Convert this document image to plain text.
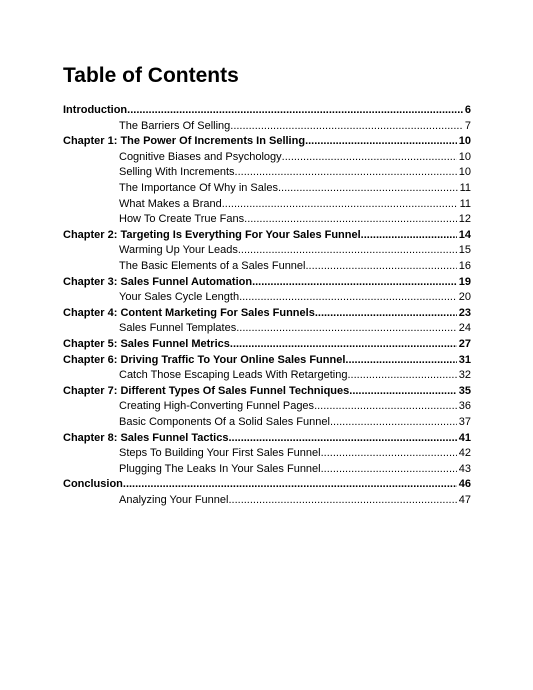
Table of Contents
Introduction .....	6
The Barriers Of Selling .....	7
Chapter 1: The Power Of Increments In Selling .....	10
Cognitive Biases and Psychology .....	10
Selling With Increments .....	10
The Importance Of Why in Sales .....	11
What Makes a Brand .....	11
How To Create True Fans .....	12
Chapter 2: Targeting Is Everything For Your Sales Funnel .....	14
Warming Up Your Leads .....	15
The Basic Elements of a Sales Funnel .....	16
Chapter 3: Sales Funnel Automation .....	19
Your Sales Cycle Length .....	20
Chapter 4: Content Marketing For Sales Funnels .....	23
Sales Funnel Templates .....	24
Chapter 5: Sales Funnel Metrics .....	27
Chapter 6: Driving Traffic To Your Online Sales Funnel .....	31
Catch Those Escaping Leads With Retargeting .....	32
Chapter 7: Different Types Of Sales Funnel Techniques .....	35
Creating High-Converting Funnel Pages .....	36
Basic Components Of a Solid Sales Funnel .....	37
Chapter 8: Sales Funnel Tactics .....	41
Steps To Building Your First Sales Funnel .....	42
Plugging The Leaks In Your Sales Funnel .....	43
Conclusion .....	46
Analyzing Your Funnel .....	47
